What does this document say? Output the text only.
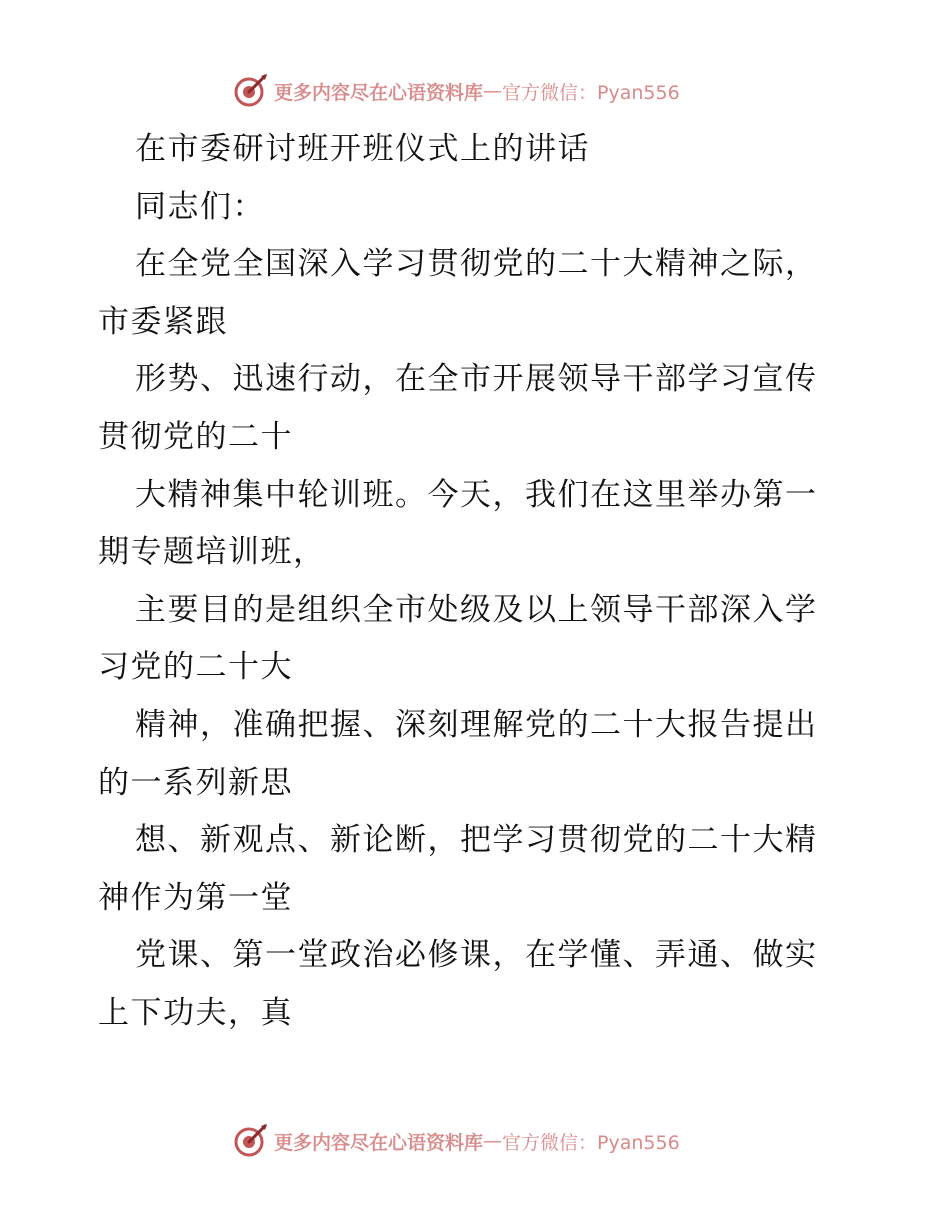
更多内容尽在心语资料库 — 官方微信：Pyan556
在市委研讨班开班仪式上的讲话
同志们：
在全党全国深入学习贯彻党的二十大精神之际，
市委紧跟
形势、迅速行动，在全市开展领导干部学习宣传
贯彻党的二十
大精神集中轮训班。今天，我们在这里举办第一
期专题培训班，
主要目的是组织全市处级及以上领导干部深入学
习党的二十大
精神，准确把握、深刻理解党的二十大报告提出
的一系列新思
想、新观点、新论断，把学习贯彻党的二十大精
神作为第一堂
党课、第一堂政治必修课，在学懂、弄通、做实
上下功夫，真
更多内容尽在心语资料库 — 官方微信：Pyan556
